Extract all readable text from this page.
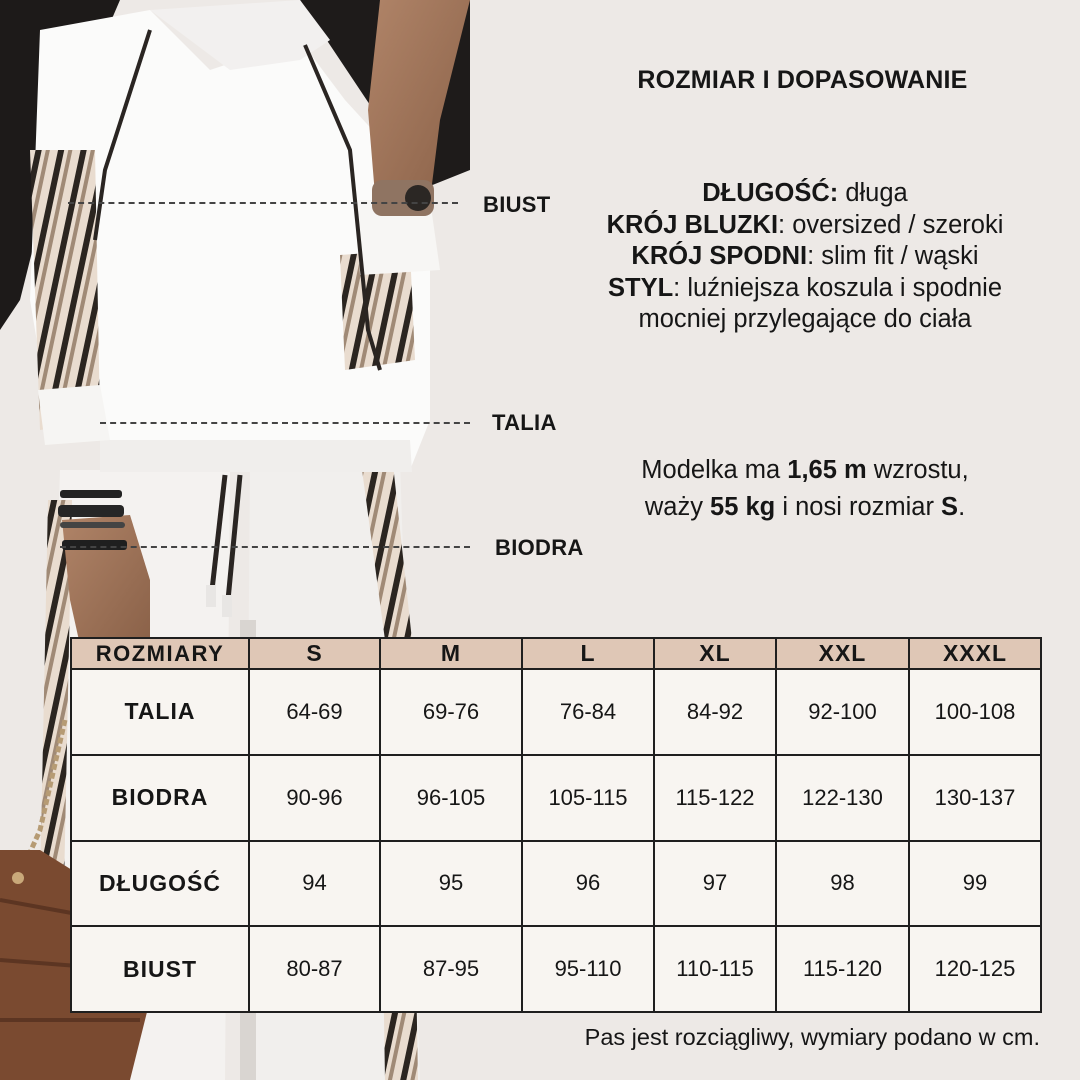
BIUST
TALIA
BIODRA
ROZMIAR I DOPASOWANIE
DŁUGOŚĆ: długa
KRÓJ BLUZKI: oversized / szeroki
KRÓJ SPODNI: slim fit / wąski
STYL: luźniejsza koszula i spodnie
mocniej przylegające do ciała
Modelka ma 1,65 m wzrostu,
waży 55 kg i nosi rozmiar S.
ROZMIARY	S	M	L	XL	XXL	XXXL
TALIA	64-69	69-76	76-84	84-92	92-100	100-108
BIODRA	90-96	96-105	105-115	115-122	122-130	130-137
DŁUGOŚĆ	94	95	96	97	98	99
BIUST	80-87	87-95	95-110	110-115	115-120	120-125
Pas jest rozciągliwy, wymiary podano w cm.
